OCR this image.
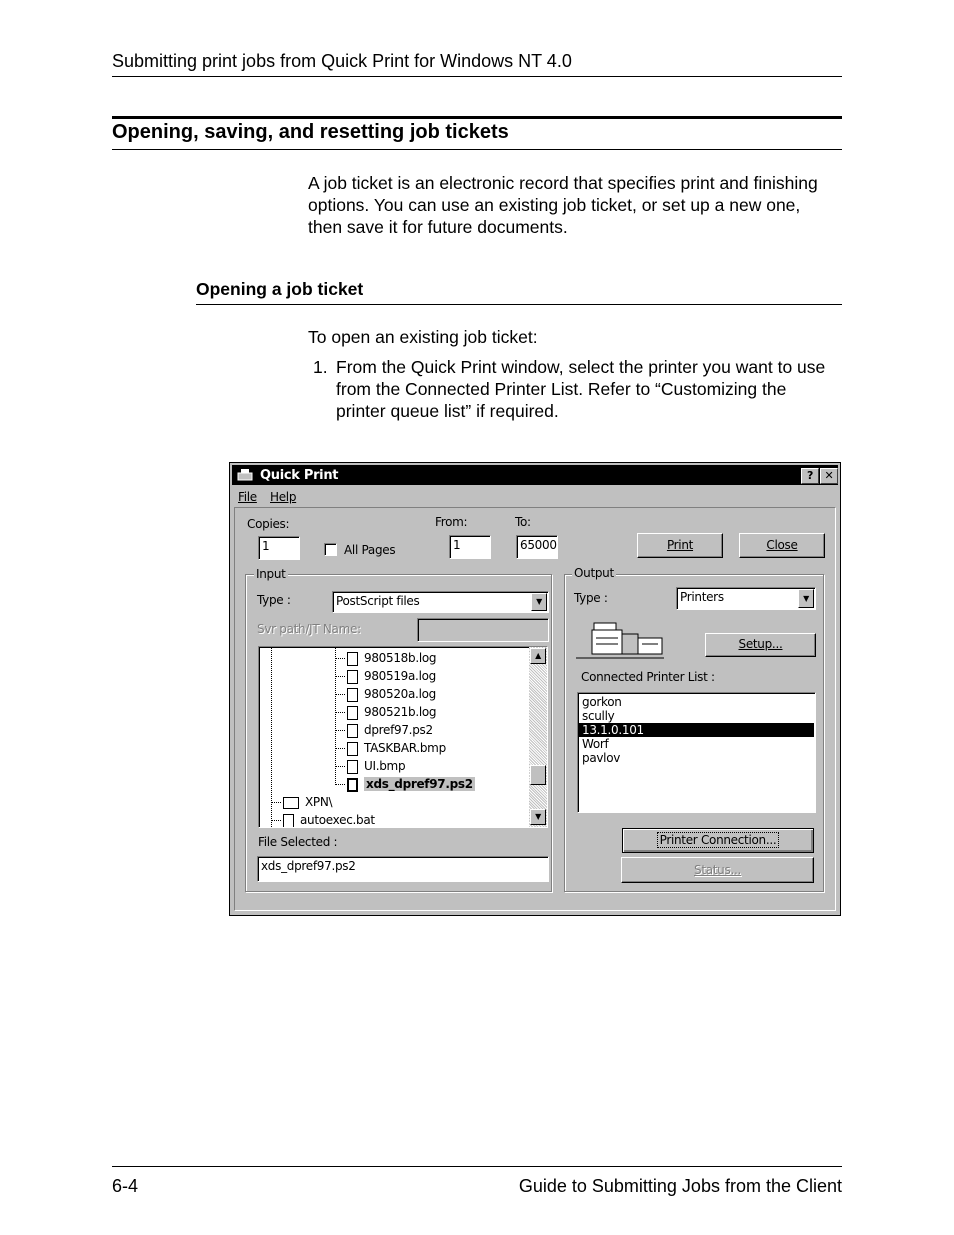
Submitting print jobs from Quick Print for Windows NT 4.0
Opening, saving, and resetting job tickets
A job ticket is an electronic record that specifies print and finishing options. You can use an existing job ticket, or set up a new one, then save it for future documents.
Opening a job ticket
To open an existing job ticket:
1. From the Quick Print window, select the printer you want to use from the Connected Printer List. Refer to “Customizing the printer queue list” if required.
Quick Print	?	✕
File Help
Copies:
1	All Pages
From:
1
To:
65000	Print	Close
Input
Type :	PostScript files	▼
Svr path/JT Name:
980518b.log
980519a.log
980520a.log
980521b.log
dpref97.ps2
TASKBAR.bmp
UI.bmp
xds_dpref97.ps2
XPN\
autoexec.bat
▲
▼
File Selected :
xds_dpref97.ps2
Output
Type :	Printers	▼
Setup...
Connected Printer List :
gorkon
scully
13.1.0.101
Worf
pavlov
Printer Connection...
Status...
6-4	Guide to Submitting Jobs from the Client
